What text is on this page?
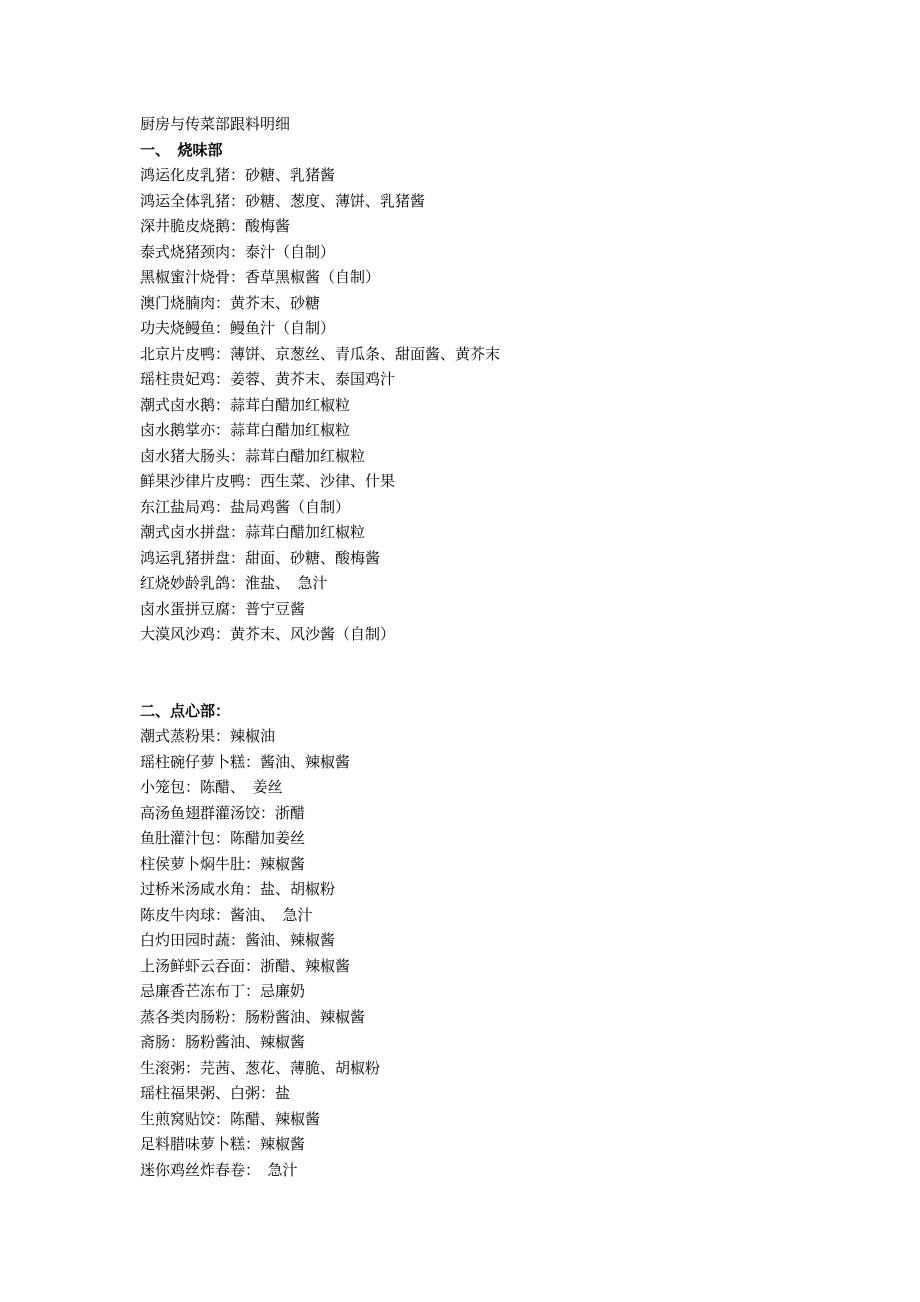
厨房与传菜部跟料明细
一、　烧味部
鸿运化皮乳猪：砂糖、乳猪酱
鸿运全体乳猪：砂糖、葱度、薄饼、乳猪酱
深井脆皮烧鹅：酸梅酱
泰式烧猪颈肉：泰汁（自制）
黑椒蜜汁烧骨：香草黑椒酱（自制）
澳门烧腩肉：黄芥末、砂糖
功夫烧鳗鱼：鳗鱼汁（自制）
北京片皮鸭：薄饼、京葱丝、青瓜条、甜面酱、黄芥末
瑶柱贵妃鸡：姜蓉、黄芥末、泰国鸡汁
潮式卤水鹅：蒜茸白醋加红椒粒
卤水鹅掌亦：蒜茸白醋加红椒粒
卤水猪大肠头：蒜茸白醋加红椒粒
鲜果沙律片皮鸭：西生菜、沙律、什果
东江盐局鸡：盐局鸡酱（自制）
潮式卤水拼盘：蒜茸白醋加红椒粒
鸿运乳猪拼盘：甜面、砂糖、酸梅酱
红烧妙龄乳鸽：淮盐、　急汁
卤水蛋拼豆腐：普宁豆酱
大漠风沙鸡：黄芥末、风沙酱（自制）
二、点心部：
潮式蒸粉果：辣椒油
瑶柱碗仔萝卜糕：酱油、辣椒酱
小笼包：陈醋、　姜丝
高汤鱼翅群灌汤饺：浙醋
鱼肚灌汁包：陈醋加姜丝
柱侯萝卜焖牛肚：辣椒酱
过桥米汤咸水角：盐、胡椒粉
陈皮牛肉球：酱油、　急汁
白灼田园时蔬：酱油、辣椒酱
上汤鲜虾云吞面：浙醋、辣椒酱
忌廉香芒冻布丁：忌廉奶
蒸各类肉肠粉：肠粉酱油、辣椒酱
斋肠：肠粉酱油、辣椒酱
生滚粥：芫茜、葱花、薄脆、胡椒粉
瑶柱福果粥、白粥：盐
生煎窝贴饺：陈醋、辣椒酱
足料腊味萝卜糕：辣椒酱
迷你鸡丝炸春卷：　急汁
